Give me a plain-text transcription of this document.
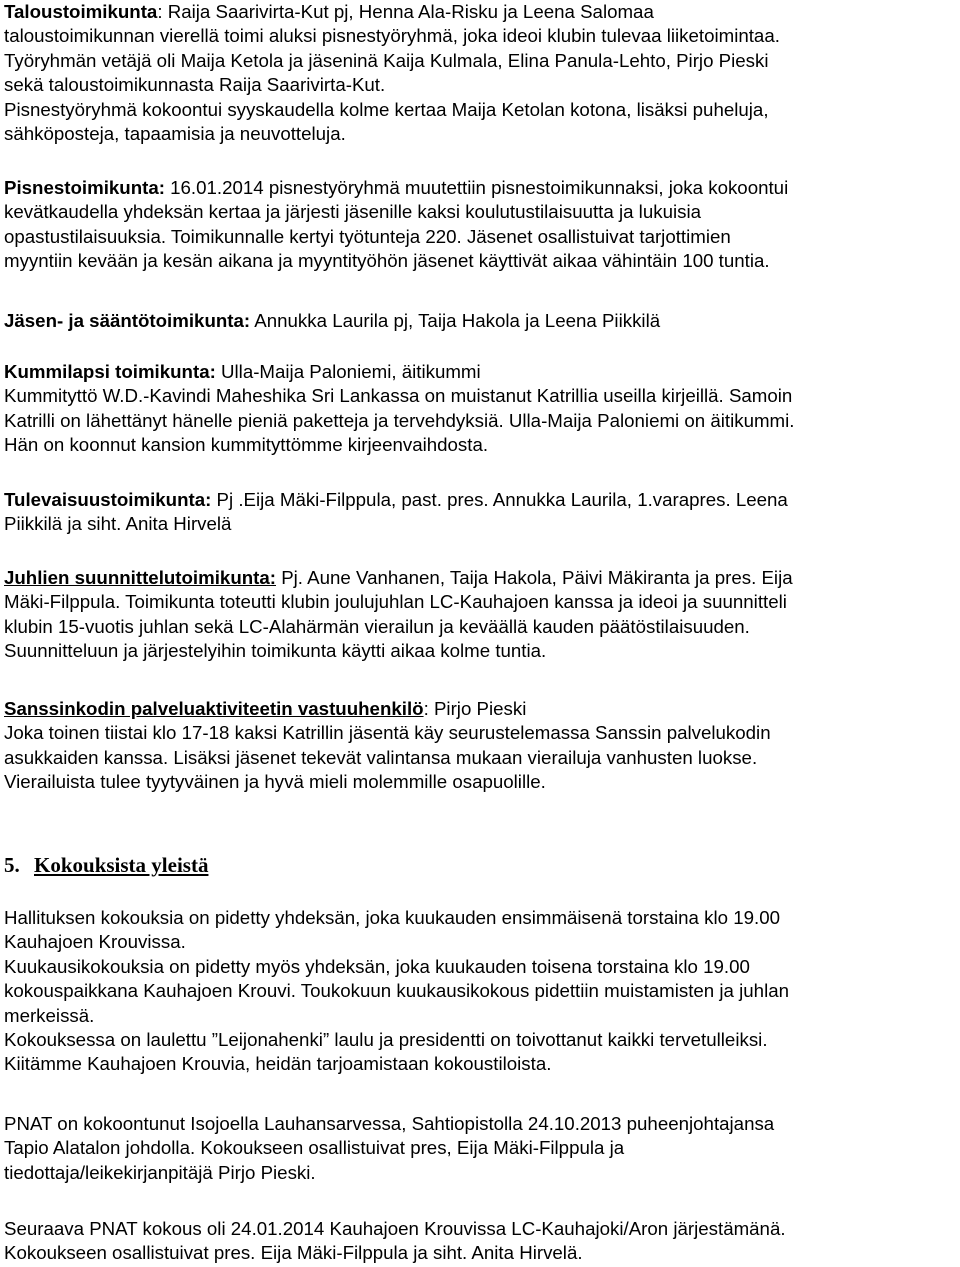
Taloustoimikunta: Raija Saarivirta-Kut pj, Henna Ala-Risku ja Leena Salomaa
taloustoimikunnan vierellä toimi aluksi pisnestyöryhmä, joka ideoi klubin tulevaa liiketoimintaa.
Työryhmän vetäjä oli Maija Ketola ja jäseninä Kaija Kulmala, Elina Panula-Lehto, Pirjo Pieski
sekä taloustoimikunnasta Raija Saarivirta-Kut.
Pisnestyöryhmä kokoontui syyskaudella kolme kertaa Maija Ketolan kotona, lisäksi puheluja,
sähköposteja, tapaamisia ja neuvotteluja.
Pisnestoimikunta: 16.01.2014 pisnestyöryhmä muutettiin pisnestoimikunnaksi, joka kokoontui
kevätkaudella yhdeksän kertaa ja järjesti jäsenille kaksi koulutustilaisuutta ja lukuisia
opastustilaisuuksia. Toimikunnalle kertyi työtunteja 220. Jäsenet osallistuivat tarjottimien
myyntiin kevään ja kesän aikana ja myyntityöhön jäsenet käyttivät aikaa vähintäin 100 tuntia.
Jäsen- ja sääntötoimikunta: Annukka Laurila pj, Taija Hakola ja Leena Piikkilä
Kummilapsi toimikunta: Ulla-Maija Paloniemi, äitikummi
Kummityttö W.D.-Kavindi Maheshika Sri Lankassa on muistanut Katrillia useilla kirjeillä. Samoin
Katrilli on lähettänyt hänelle pieniä paketteja ja tervehdyksiä. Ulla-Maija Paloniemi on äitikummi.
Hän on koonnut kansion kummityttömme kirjeenvaihdosta.
Tulevaisuustoimikunta: Pj .Eija Mäki-Filppula, past. pres. Annukka Laurila, 1.varapres. Leena
Piikkilä ja siht. Anita Hirvelä
Juhlien suunnittelutoimikunta: Pj. Aune Vanhanen, Taija Hakola, Päivi Mäkiranta ja pres. Eija
Mäki-Filppula. Toimikunta toteutti klubin joulujuhlan LC-Kauhajoen kanssa ja ideoi ja suunnitteli
klubin 15-vuotis juhlan sekä LC-Alahärmän vierailun ja keväällä kauden päätöstilaisuuden.
Suunnitteluun ja järjestelyihin toimikunta käytti aikaa kolme tuntia.
Sanssinkodin palveluaktiviteetin vastuuhenkilö: Pirjo Pieski
Joka toinen tiistai klo 17-18 kaksi Katrillin jäsentä käy seurustelemassa Sanssin palvelukodin
asukkaiden kanssa. Lisäksi jäsenet tekevät valintansa mukaan vierailuja vanhusten luokse.
Vierailuista tulee tyytyväinen ja hyvä mieli molemmille osapuolille.
5. Kokouksista yleistä
Hallituksen kokouksia on pidetty yhdeksän, joka kuukauden ensimmäisenä torstaina klo 19.00
Kauhajoen Krouvissa.
Kuukausikokouksia on pidetty myös yhdeksän, joka kuukauden toisena torstaina klo 19.00
kokouspaikkana Kauhajoen Krouvi. Toukokuun kuukausikokous pidettiin muistamisten ja juhlan
merkeissä.
Kokouksessa on laulettu ”Leijonahenki” laulu ja presidentti on toivottanut kaikki tervetulleiksi.
Kiitämme Kauhajoen Krouvia, heidän tarjoamistaan kokoustiloista.
PNAT on kokoontunut Isojoella Lauhansarvessa, Sahtiopistolla 24.10.2013 puheenjohtajansa
Tapio Alatalon johdolla. Kokoukseen osallistuivat pres, Eija Mäki-Filppula ja
tiedottaja/leikekirjanpitäjä Pirjo Pieski.
Seuraava PNAT kokous oli 24.01.2014 Kauhajoen Krouvissa LC-Kauhajoki/Aron järjestämänä.
Kokoukseen osallistuivat pres. Eija Mäki-Filppula ja siht. Anita Hirvelä.
